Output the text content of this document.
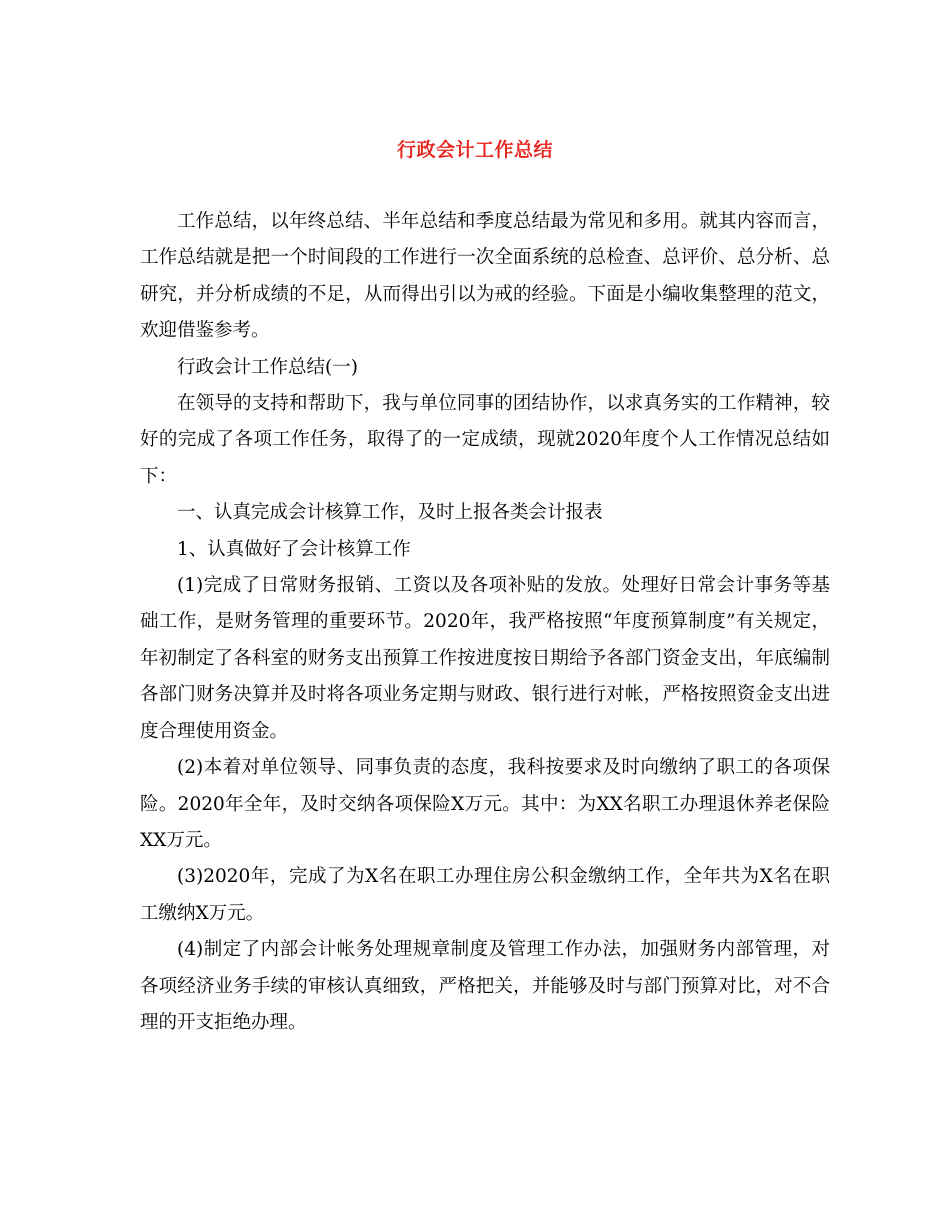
行政会计工作总结

工作总结，以年终总结、半年总结和季度总结最为常见和多用。就其内容而言，工作总结就是把一个时间段的工作进行一次全面系统的总检查、总评价、总分析、总研究，并分析成绩的不足，从而得出引以为戒的经验。下面是小编收集整理的范文，欢迎借鉴参考。

行政会计工作总结(一)

在领导的支持和帮助下，我与单位同事的团结协作，以求真务实的工作精神，较好的完成了各项工作任务，取得了的一定成绩，现就2020年度个人工作情况总结如下：

一、认真完成会计核算工作，及时上报各类会计报表

1、认真做好了会计核算工作

(1)完成了日常财务报销、工资以及各项补贴的发放。处理好日常会计事务等基础工作，是财务管理的重要环节。2020年，我严格按照“年度预算制度”有关规定，年初制定了各科室的财务支出预算工作按进度按日期给予各部门资金支出，年底编制各部门财务决算并及时将各项业务定期与财政、银行进行对帐，严格按照资金支出进度合理使用资金。

(2)本着对单位领导、同事负责的态度，我科按要求及时向缴纳了职工的各项保险。2020年全年，及时交纳各项保险X万元。其中：为XX名职工办理退休养老保险XX万元。

(3)2020年，完成了为X名在职工办理住房公积金缴纳工作，全年共为X名在职工缴纳X万元。

(4)制定了内部会计帐务处理规章制度及管理工作办法，加强财务内部管理，对各项经济业务手续的审核认真细致，严格把关，并能够及时与部门预算对比，对不合理的开支拒绝办理。
